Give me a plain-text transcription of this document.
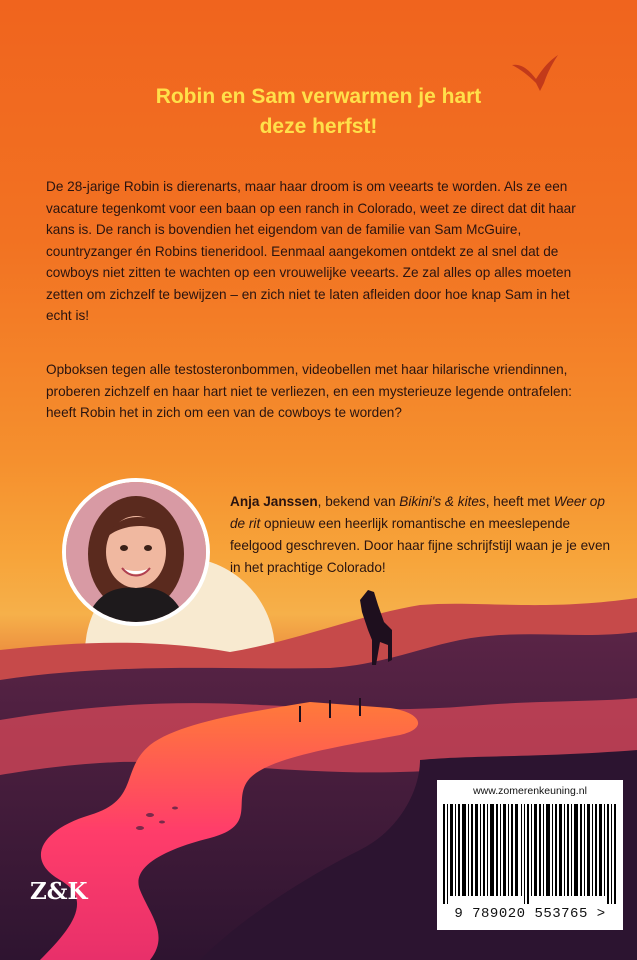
Robin en Sam verwarmen je hart
deze herfst!

De 28-jarige Robin is dierenarts, maar haar droom is om veearts te worden. Als ze een vacature tegenkomt voor een baan op een ranch in Colorado, weet ze direct dat dit haar kans is. De ranch is bovendien het eigendom van de familie van Sam McGuire, countryzanger én Robins tieneridool. Eenmaal aangekomen ontdekt ze al snel dat de cowboys niet zitten te wachten op een vrouwelijke veearts. Ze zal alles op alles moeten zetten om zichzelf te bewijzen – en zich niet te laten afleiden door hoe knap Sam in het echt is!

Opboksen tegen alle testosteronbommen, videobellen met haar hilarische vriendinnen, proberen zichzelf en haar hart niet te verliezen, en een mysterieuze legende ontrafelen: heeft Robin het in zich om een van de cowboys te worden?

Anja Janssen, bekend van Bikini's & kites, heeft met Weer op de rit opnieuw een heerlijk romantische en meeslepende feelgood geschreven. Door haar fijne schrijfstijl waan je je even in het prachtige Colorado!

www.zomerenkeuning.nl
9 789020 553765 >
Z&K
